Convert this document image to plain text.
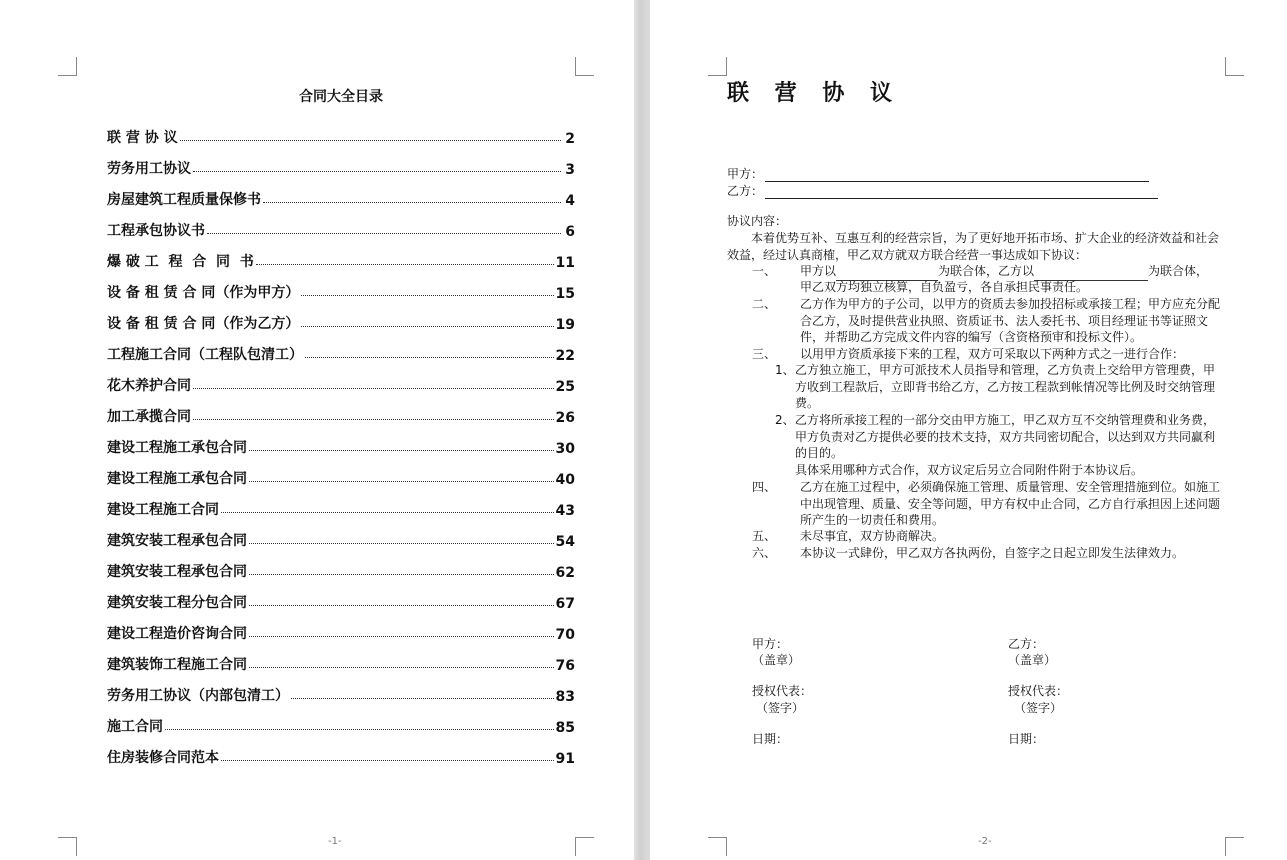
合同大全目录
联 营 协 议	2
劳务用工协议	3
房屋建筑工程质量保修书	4
工程承包协议书	6
爆 破 工  程  合  同  书	11
设 备 租 赁 合 同（作为甲方）	15
设 备 租 赁 合 同（作为乙方）	19
工程施工合同（工程队包清工）	22
花木养护合同	25
加工承揽合同	26
建设工程施工承包合同	30
建设工程施工承包合同	40
建设工程施工合同	43
建筑安装工程承包合同	54
建筑安装工程承包合同	62
建筑安装工程分包合同	67
建设工程造价咨询合同	70
建筑装饰工程施工合同	76
劳务用工协议（内部包清工）	83
施工合同	85
住房装修合同范本	91
-1-	-2-
联 营 协 议
甲方：
乙方：
协议内容：
本着优势互补、互惠互利的经营宗旨，为了更好地开拓市场、扩大企业的经济效益和社会效益，经过认真商榷，甲乙双方就双方联合经营一事达成如下协议：
一、 甲方以	为联合体，乙方以	为联合体，
甲乙双方均独立核算，自负盈亏，各自承担民事责任。
二、 乙方作为甲方的子公司，以甲方的资质去参加投招标或承接工程；甲方应充分配合乙方，及时提供营业执照、资质证书、法人委托书、项目经理证书等证照文件，并帮助乙方完成文件内容的编写（含资格预审和投标文件）。
三、 以用甲方资质承接下来的工程，双方可采取以下两种方式之一进行合作：
1、 乙方独立施工，甲方可派技术人员指导和管理，乙方负责上交给甲方管理费，甲方收到工程款后，立即背书给乙方，乙方按工程款到帐情况等比例及时交纳管理费。
2、 乙方将所承接工程的一部分交由甲方施工，甲乙双方互不交纳管理费和业务费，甲方负责对乙方提供必要的技术支持，双方共同密切配合，以达到双方共同赢利的目的。
具体采用哪种方式合作，双方议定后另立合同附件附于本协议后。
四、 乙方在施工过程中，必须确保施工管理、质量管理、安全管理措施到位。如施工中出现管理、质量、安全等问题，甲方有权中止合同，乙方自行承担因上述问题所产生的一切责任和费用。
五、 未尽事宜，双方协商解决。
六、 本协议一式肆份，甲乙双方各执两份，自签字之日起立即发生法律效力。
甲方：
（盖章）
授权代表：
（签字）
日期：
乙方：
（盖章）
授权代表：
（签字）
日期：
